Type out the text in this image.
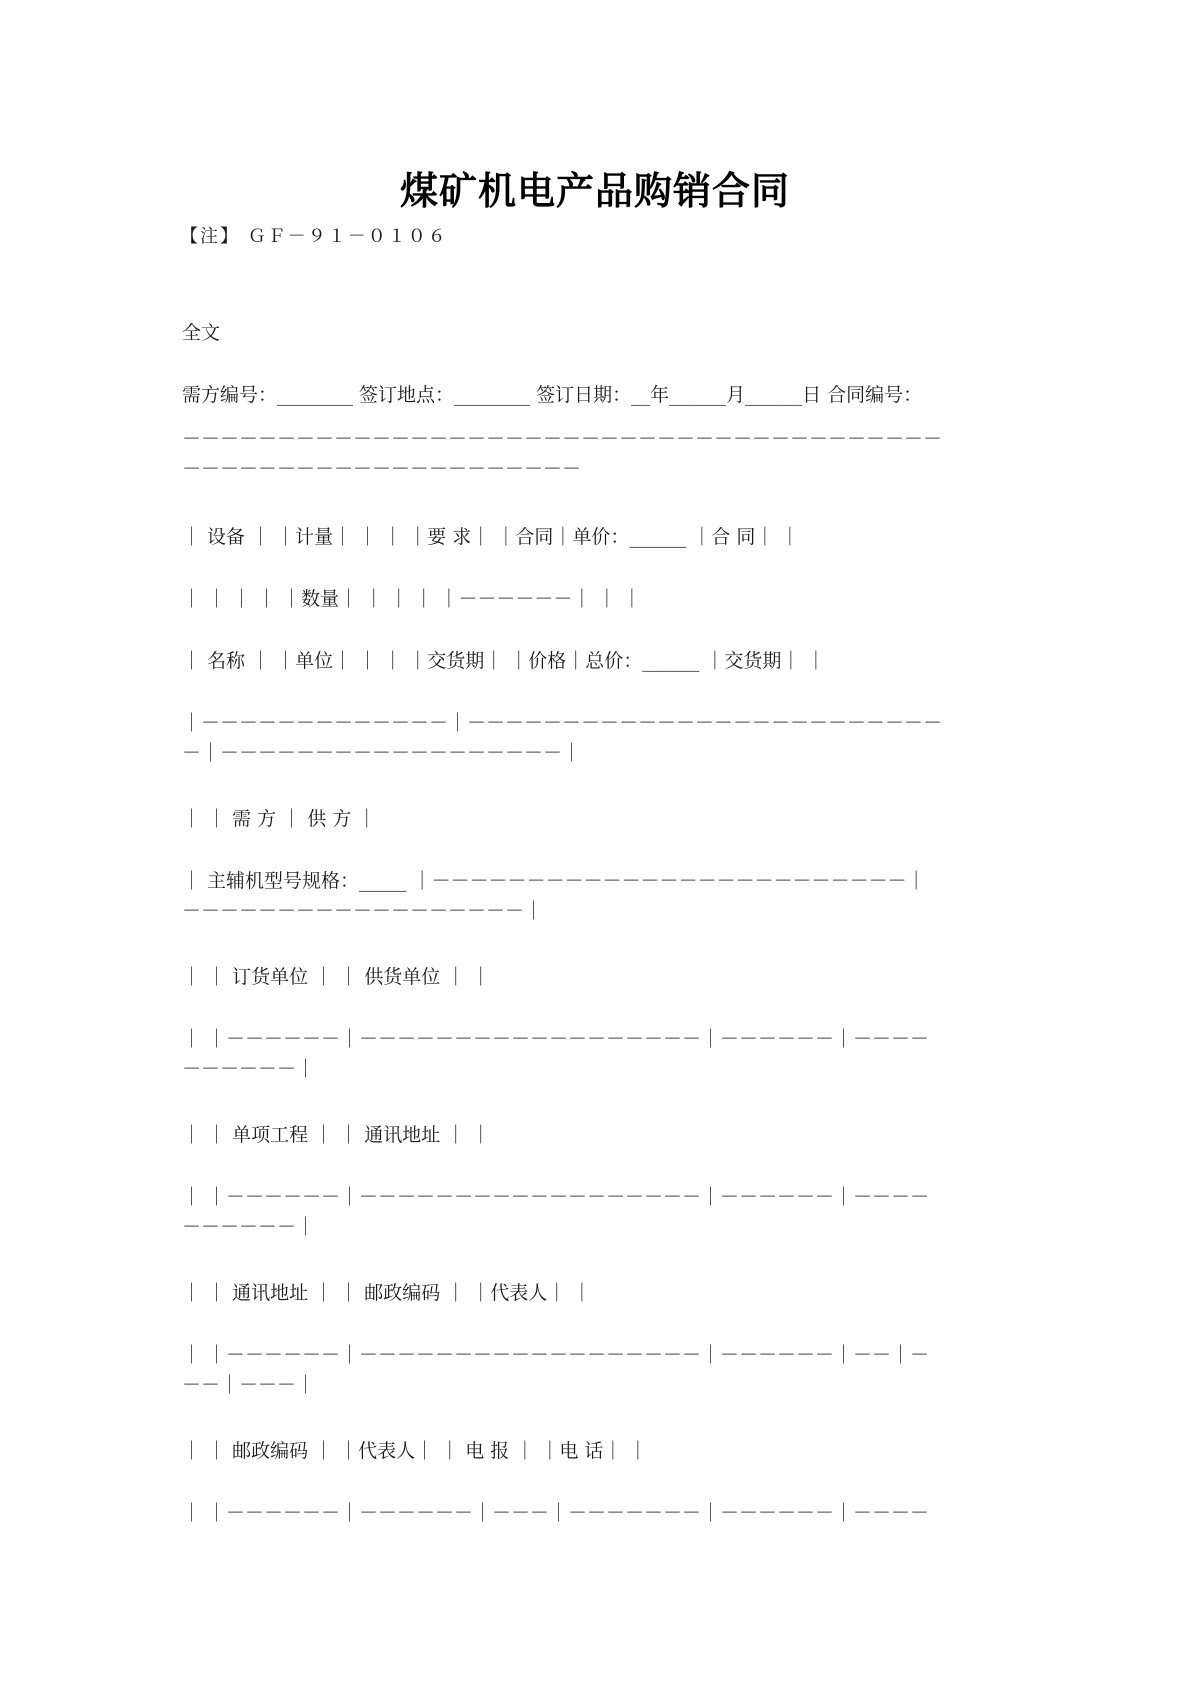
煤矿机电产品购销合同
【注】 ＧＦ－９１－０１０６
全文
需方编号：________ 签订地点：________ 签订日期：__年______月______日 合同编号：
－－－－－－－－－－－－－－－－－－－－－－－－－－－－－－－－－－－－－－－－
－－－－－－－－－－－－－－－－－－－－－
｜ 设备 ｜ ｜计量｜ ｜ ｜ ｜要 求｜ ｜合同｜单价：______ ｜合 同｜ ｜
｜ ｜ ｜ ｜ ｜数量｜ ｜ ｜ ｜ ｜－－－－－－｜ ｜ ｜
｜ 名称 ｜ ｜单位｜ ｜ ｜ ｜交货期｜ ｜价格｜总价：______ ｜交货期｜ ｜
｜－－－－－－－－－－－－－｜－－－－－－－－－－－－－－－－－－－－－－－－－
－｜－－－－－－－－－－－－－－－－－－｜
｜ ｜ 需 方 ｜ 供 方 ｜
｜ 主辅机型号规格：_____ ｜－－－－－－－－－－－－－－－－－－－－－－－－－｜
－－－－－－－－－－－－－－－－－－｜
｜ ｜ 订货单位 ｜ ｜ 供货单位 ｜ ｜
｜ ｜－－－－－－｜－－－－－－－－－－－－－－－－－－｜－－－－－－｜－－－－
－－－－－－｜
｜ ｜ 单项工程 ｜ ｜ 通讯地址 ｜ ｜
｜ ｜－－－－－－｜－－－－－－－－－－－－－－－－－－｜－－－－－－｜－－－－
－－－－－－｜
｜ ｜ 通讯地址 ｜ ｜ 邮政编码 ｜ ｜代表人｜ ｜
｜ ｜－－－－－－｜－－－－－－－－－－－－－－－－－－｜－－－－－－｜－－｜－
－－｜－－－｜
｜ ｜ 邮政编码 ｜ ｜代表人｜ ｜ 电 报 ｜ ｜电 话｜ ｜
｜ ｜－－－－－－｜－－－－－－｜－－－｜－－－－－－－｜－－－－－－｜－－－－
